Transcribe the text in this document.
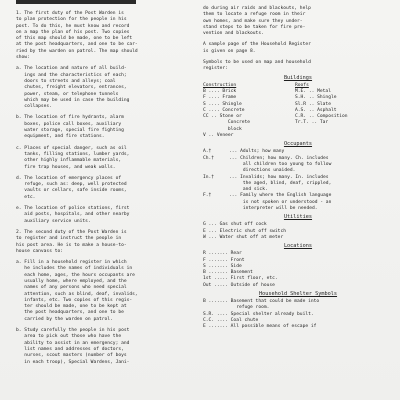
1. The first duty of the Post Warden is
to plan protection for the people in his
post. To do this, he must know and record
on a map the plan of his post. Two copies
of this map should be made, one to be left
at the post headquarters, and one to be car-
ried by the warden on patrol. The map should
show:
a. The location and nature of all build-
ings and the characteristics of each;
doors to streets and alleys; coal
chutes, freight elevators, entrances,
power, steam, or telephone tunnels
which may be used in case the building
collapses.
b. The location of fire hydrants, alarm
boxes, police call boxes, auxiliary
water storage, special fire fighting
equipment, and fire stations.
c. Places of special danger, such as oil
tanks, filling stations, lumber yards,
other highly inflammable materials,
fire trap houses, and weak walls.
d. The location of emergency places of
refuge, such as: deep, well protected
vaults or cellars, safe inside rooms,
etc.
e. The location of police stations, first
aid posts, hospitals, and other nearby
auxiliary service units.
2. The second duty of the Post Warden is
to register and instruct the people in
his post area. He is to make a house-to-
house canvass to:
a. Fill in a household register in which
he includes the names of individuals in
each home, ages, the hours occupants are
usually home, where employed, and the
names of any persons who need special
attention, such as blind, deaf, invalids,
infants, etc. Two copies of this regis-
ter should be made, one to be kept at
the post headquarters, and one to be
carried by the warden on patrol.
b. Study carefully the people in his post
area to pick out those who have the
ability to assist in an emergency; and
list names and addresses of doctors,
nurses, scout masters (number of boys
in each troop), Special Wardens, Jani-
do during air raids and blackouts, help
them to locate a refuge room in their
own homes, and make sure they under-
stand steps to be taken for fire pre-
vention and blackouts.
A sample page of the Household Register
is given on page 8.
Symbols to be used on map and household
register:
Buildings
Construction
B .... Brick
F .... Frame
S .... Shingle
C .... Concrete
CC .. Stone or
Concrete
block
V .. Veneer
Roofs
M.E. .. Metal
S.H. .. Shingle
Sl.R .. Slate
A.S. .. Asphalt
C.R. .. Composition
Tr.T. .. Tar
Occupants
A.†	... Adults; how many
Ch.†	... Children; how many. Ch. includes
all children too young to follow
directions unaided.
In.†	... Invalids; how many. In. includes
the aged, blind, deaf, crippled,
and sick.
F.†	... Family where the English language
is not spoken or understood - an
interpreter will be needed.
Utilities
G ... Gas shut off cock
E ... Electric shut off switch
W ... Water shut off at meter
Locations
R ....... Rear
F ....... Front
S ....... Side
B ....... Basement
1st ..... First floor, etc.
Out ..... Outside of house
Household Shelter Symbols
B ....... Basement that could be made into
refuge room.
S.R. .... Special shelter already built.
C.C. .... Coal chute
E ....... All possible means of escape if
